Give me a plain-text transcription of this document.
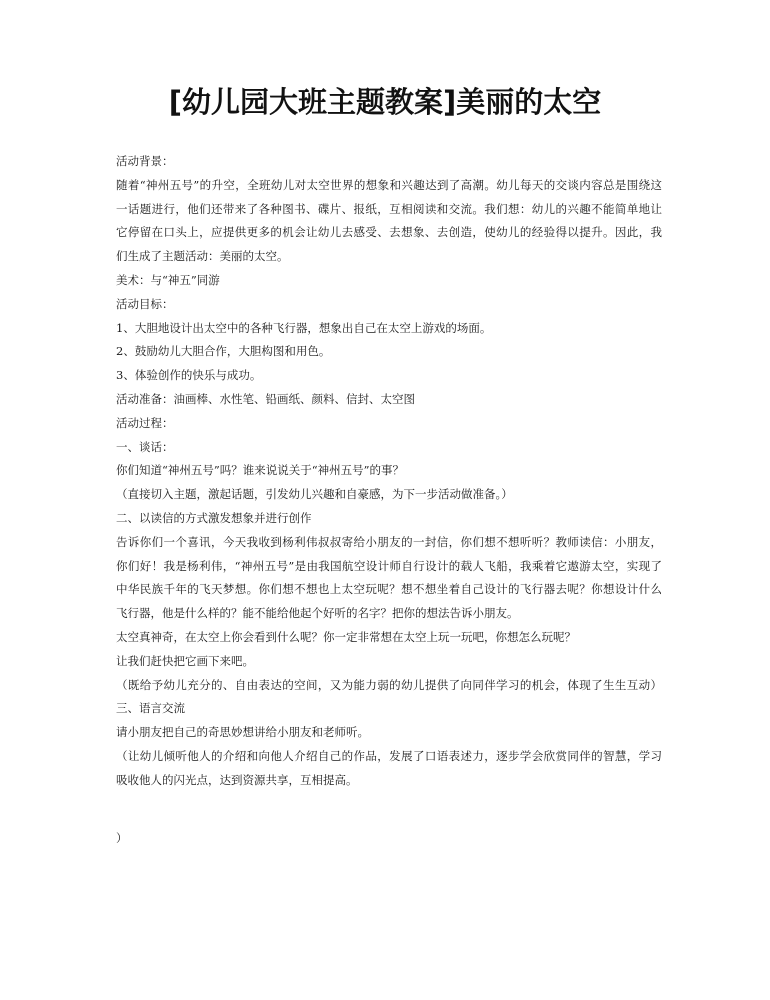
[幼儿园大班主题教案]美丽的太空
活动背景：
随着“神州五号”的升空，全班幼儿对太空世界的想象和兴趣达到了高潮。幼儿每天的交谈内容总是围绕这
一话题进行，他们还带来了各种图书、碟片、报纸，互相阅读和交流。我们想：幼儿的兴趣不能简单地让
它停留在口头上，应提供更多的机会让幼儿去感受、去想象、去创造，使幼儿的经验得以提升。因此，我
们生成了主题活动：美丽的太空。
美术：与“神五”同游
活动目标：
1、大胆地设计出太空中的各种飞行器，想象出自己在太空上游戏的场面。
2、鼓励幼儿大胆合作，大胆构图和用色。
3、体验创作的快乐与成功。
活动准备：油画棒、水性笔、铅画纸、颜料、信封、太空图
活动过程：
一、谈话：
你们知道“神州五号”吗？谁来说说关于“神州五号”的事？
（直接切入主题，激起话题，引发幼儿兴趣和自豪感，为下一步活动做准备。）
二、以读信的方式激发想象并进行创作
告诉你们一个喜讯，今天我收到杨利伟叔叔寄给小朋友的一封信，你们想不想听听？教师读信：小朋友，
你们好！我是杨利伟，“神州五号”是由我国航空设计师自行设计的载人飞船，我乘着它遨游太空，实现了
中华民族千年的飞天梦想。你们想不想也上太空玩呢？想不想坐着自己设计的飞行器去呢？你想设计什么
飞行器，他是什么样的？能不能给他起个好听的名字？把你的想法告诉小朋友。
太空真神奇，在太空上你会看到什么呢？你一定非常想在太空上玩一玩吧，你想怎么玩呢？
让我们赶快把它画下来吧。
（既给予幼儿充分的、自由表达的空间，又为能力弱的幼儿提供了向同伴学习的机会，体现了生生互动）
三、语言交流
请小朋友把自己的奇思妙想讲给小朋友和老师听。
（让幼儿倾听他人的介绍和向他人介绍自己的作品，发展了口语表述力，逐步学会欣赏同伴的智慧，学习
吸收他人的闪光点，达到资源共享，互相提高。
）
